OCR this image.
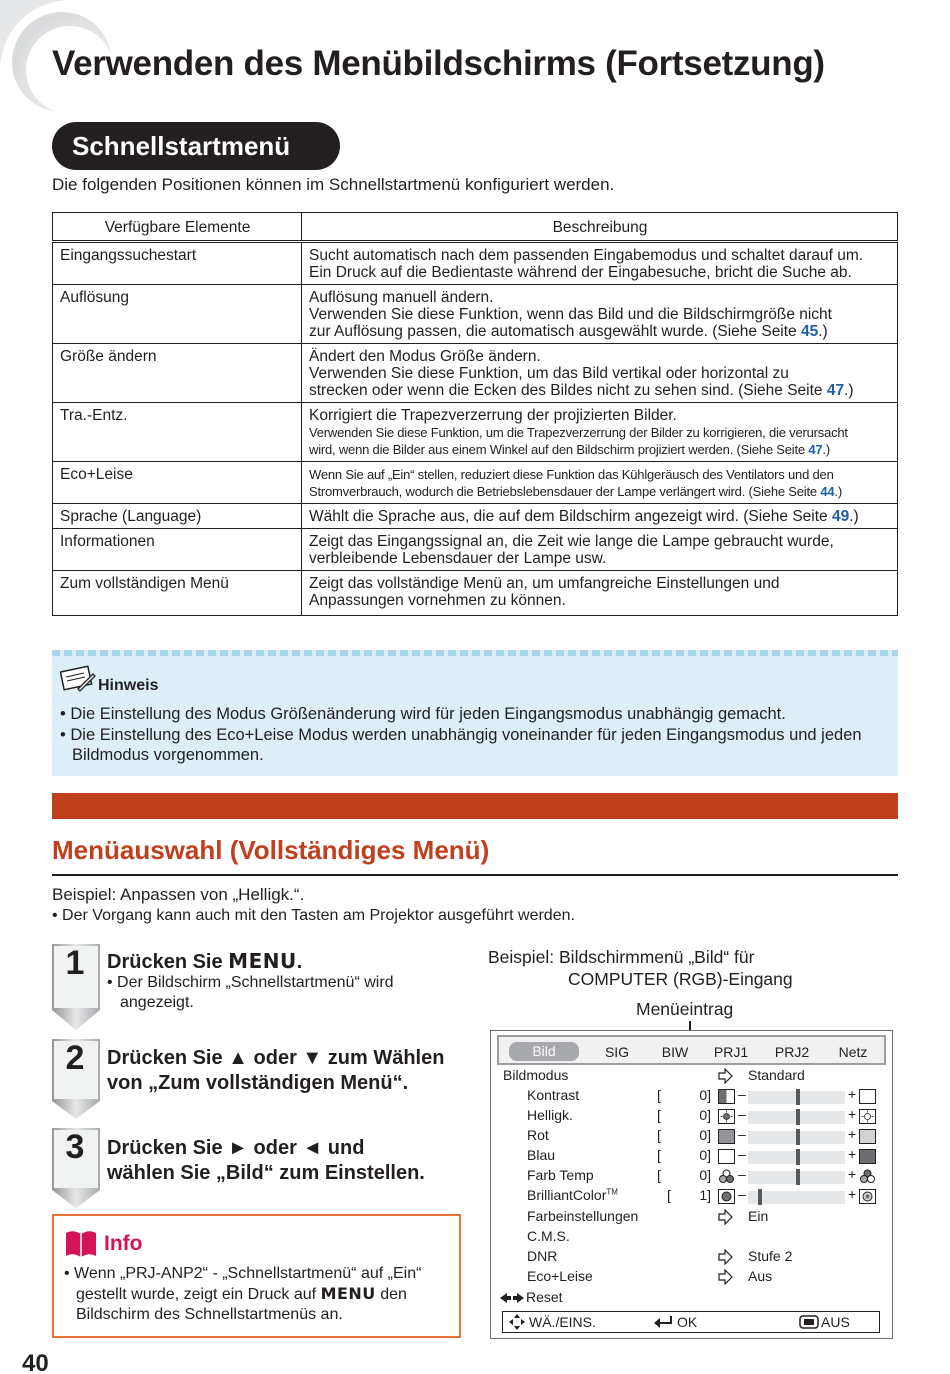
Verwenden des Menübildschirms (Fortsetzung)
Schnellstartmenü
Die folgenden Positionen können im Schnellstartmenü konfiguriert werden.
Verfügbare Elemente	Beschreibung
Eingangssuchestart	Sucht automatisch nach dem passenden Eingabemodus und schaltet darauf um.
Ein Druck auf die Bedientaste während der Eingabesuche, bricht die Suche ab.

Auflösung	Auflösung manuell ändern.
Verwenden Sie diese Funktion, wenn das Bild und die Bildschirmgröße nicht
zur Auflösung passen, die automatisch ausgewählt wurde. (Siehe Seite 45.)

Größe ändern	Ändert den Modus Größe ändern.
Verwenden Sie diese Funktion, um das Bild vertikal oder horizontal zu
strecken oder wenn die Ecken des Bildes nicht zu sehen sind. (Siehe Seite 47.)

Tra.-Entz.	Korrigiert die Trapezverzerrung der projizierten Bilder.
Verwenden Sie diese Funktion, um die Trapezverzerrung der Bilder zu korrigieren, die verursacht
wird, wenn die Bilder aus einem Winkel auf den Bildschirm projiziert werden. (Siehe Seite 47.)

Eco+Leise	Wenn Sie auf „Ein“ stellen, reduziert diese Funktion das Kühlgeräusch des Ventilators und den
Stromverbrauch, wodurch die Betriebslebensdauer der Lampe verlängert wird. (Siehe Seite 44.)

Sprache (Language)	Wählt die Sprache aus, die auf dem Bildschirm angezeigt wird. (Siehe Seite 49.)

Informationen	Zeigt das Eingangssignal an, die Zeit wie lange die Lampe gebraucht wurde,
verbleibende Lebensdauer der Lampe usw.

Zum vollständigen Menü	Zeigt das vollständige Menü an, um umfangreiche Einstellungen und
Anpassungen vornehmen zu können.
Hinweis
• Die Einstellung des Modus Größenänderung wird für jeden Eingangsmodus unabhängig gemacht.
• Die Einstellung des Eco+Leise Modus werden unabhängig voneinander für jeden Eingangsmodus und jeden Bildmodus vorgenommen.
Menüauswahl (Vollständiges Menü)
Beispiel: Anpassen von „Helligk.“.
• Der Vorgang kann auch mit den Tasten am Projektor ausgeführt werden.
1	Drücken Sie MENU.
• Der Bildschirm „Schnellstartmenü“ wird
angezeigt.
2	Drücken Sie ▲ oder ▼ zum Wählen
von „Zum vollständigen Menü“.
3	Drücken Sie ► oder ◄ und
wählen Sie „Bild“ zum Einstellen.
Info
• Wenn „PRJ-ANP2“ - „Schnellstartmenü“ auf „Ein“ gestellt wurde, zeigt ein Druck auf MENU den Bildschirm des Schnellstartmenüs an.
Beispiel: Bildschirmmenü „Bild“ für
COMPUTER (RGB)-Eingang
Menüeintrag
Bild	SIG	BIW	PRJ1 PRJ2 Netz
Bildmodus	Standard
Kontrast	[	0] –	+
Helligk.	[	0] –	+
Rot	[	0] –	+
Blau	[	0] –	+
Farb Temp	[	0] –	+
BrilliantColor™	[	1] –	+
Farbeinstellungen	Ein
C.M.S.
DNR	Stufe 2
Eco+Leise	Aus
Reset
WÄ./EINS.	OK	AUS
40
